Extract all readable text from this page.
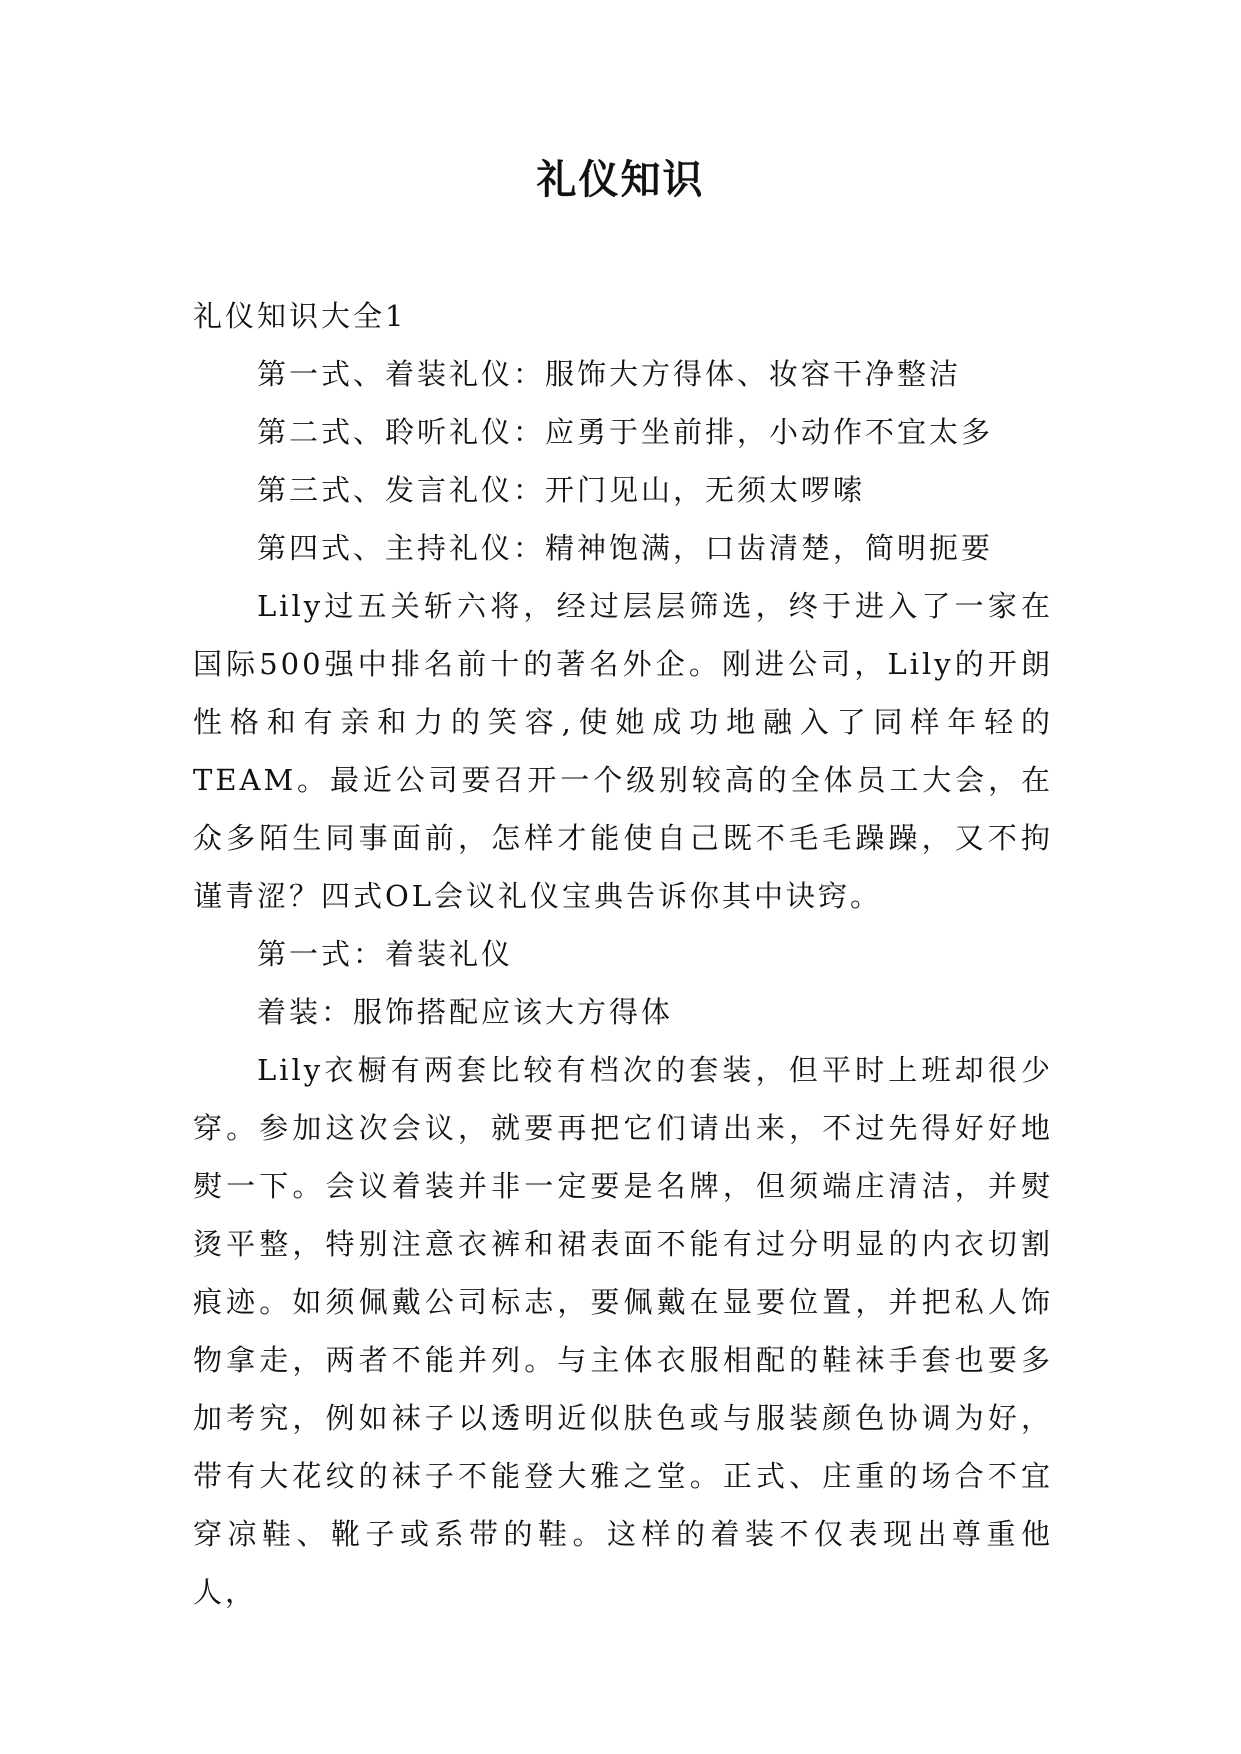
礼仪知识

礼仪知识大全1

第一式、着装礼仪：服饰大方得体、妆容干净整洁

第二式、聆听礼仪：应勇于坐前排，小动作不宜太多

第三式、发言礼仪：开门见山，无须太啰嗦

第四式、主持礼仪：精神饱满，口齿清楚，简明扼要

Lily过五关斩六将，经过层层筛选，终于进入了一家在国际500强中排名前十的著名外企。刚进公司，Lily的开朗性格和有亲和力的笑容,使她成功地融入了同样年轻的TEAM。最近公司要召开一个级别较高的全体员工大会，在众多陌生同事面前，怎样才能使自己既不毛毛躁躁，又不拘谨青涩？四式OL会议礼仪宝典告诉你其中诀窍。

第一式：着装礼仪

着装：服饰搭配应该大方得体

Lily衣橱有两套比较有档次的套装，但平时上班却很少穿。参加这次会议，就要再把它们请出来，不过先得好好地熨一下。会议着装并非一定要是名牌，但须端庄清洁，并熨烫平整，特别注意衣裤和裙表面不能有过分明显的内衣切割痕迹。如须佩戴公司标志，要佩戴在显要位置，并把私人饰物拿走，两者不能并列。与主体衣服相配的鞋袜手套也要多加考究，例如袜子以透明近似肤色或与服装颜色协调为好，带有大花纹的袜子不能登大雅之堂。正式、庄重的场合不宜穿凉鞋、靴子或系带的鞋。这样的着装不仅表现出尊重他人，
